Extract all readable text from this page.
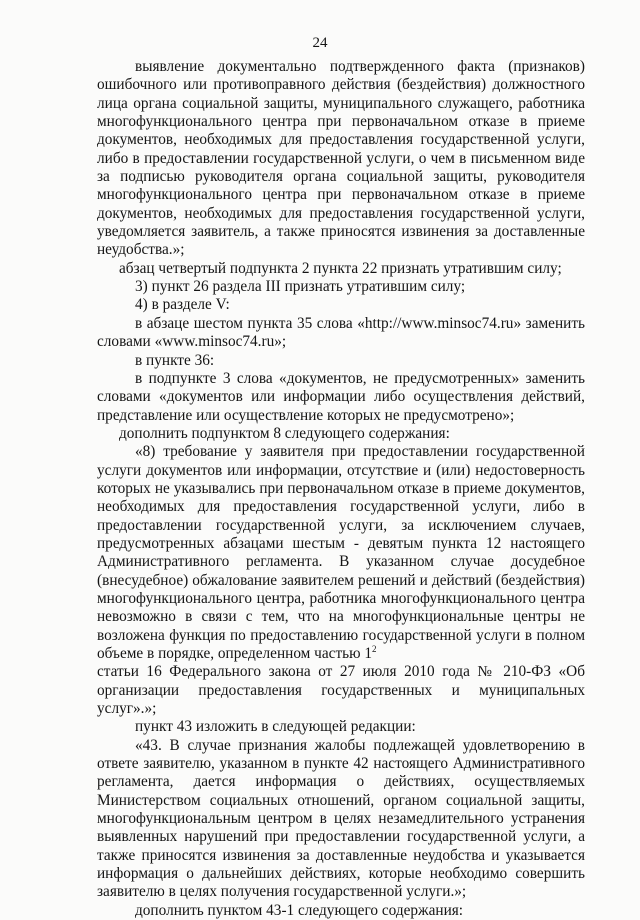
24

выявление документально подтвержденного факта (признаков) ошибочного или противоправного действия (бездействия) должностного лица органа социальной защиты, муниципального служащего, работника многофункционального центра при первоначальном отказе в приеме документов, необходимых для предоставления государственной услуги, либо в предоставлении государственной услуги, о чем в письменном виде за подписью руководителя органа социальной защиты, руководителя многофункционального центра при первоначальном отказе в приеме документов, необходимых для предоставления государственной услуги, уведомляется заявитель, а также приносятся извинения за доставленные неудобства.»;

абзац четвертый подпункта 2 пункта 22 признать утратившим силу;

3) пункт 26 раздела III признать утратившим силу;

4) в разделе V:

в абзаце шестом пункта 35 слова «http://www.minsoc74.ru» заменить словами «www.minsoc74.ru»;

в пункте 36:

в подпункте 3 слова «документов, не предусмотренных» заменить словами «документов или информации либо осуществления действий, представление или осуществление которых не предусмотрено»;

дополнить подпунктом 8 следующего содержания:

«8) требование у заявителя при предоставлении государственной услуги документов или информации, отсутствие и (или) недостоверность которых не указывались при первоначальном отказе в приеме документов, необходимых для предоставления государственной услуги, либо в предоставлении государственной услуги, за исключением случаев, предусмотренных абзацами шестым - девятым пункта 12 настоящего Административного регламента. В указанном случае досудебное (внесудебное) обжалование заявителем решений и действий (бездействия) многофункционального центра, работника многофункционального центра невозможно в связи с тем, что на многофункциональные центры не возложена функция по предоставлению государственной услуги в полном объеме в порядке, определенном частью $1^2$

статьи 16 Федерального закона от 27 июля 2010 года № 210-ФЗ «Об организации предоставления государственных и муниципальных услуг».»;

пункт 43 изложить в следующей редакции:

«43. В случае признания жалобы подлежащей удовлетворению в ответе заявителю, указанном в пункте 42 настоящего Административного регламента, дается информация о действиях, осуществляемых Министерством социальных отношений, органом социальной защиты, многофункциональным центром в целях незамедлительного устранения выявленных нарушений при предоставлении государственной услуги, а также приносятся извинения за доставленные неудобства и указывается информация о дальнейших действиях, которые необходимо совершить заявителю в целях получения государственной услуги.»;

дополнить пунктом 43-1 следующего содержания:
